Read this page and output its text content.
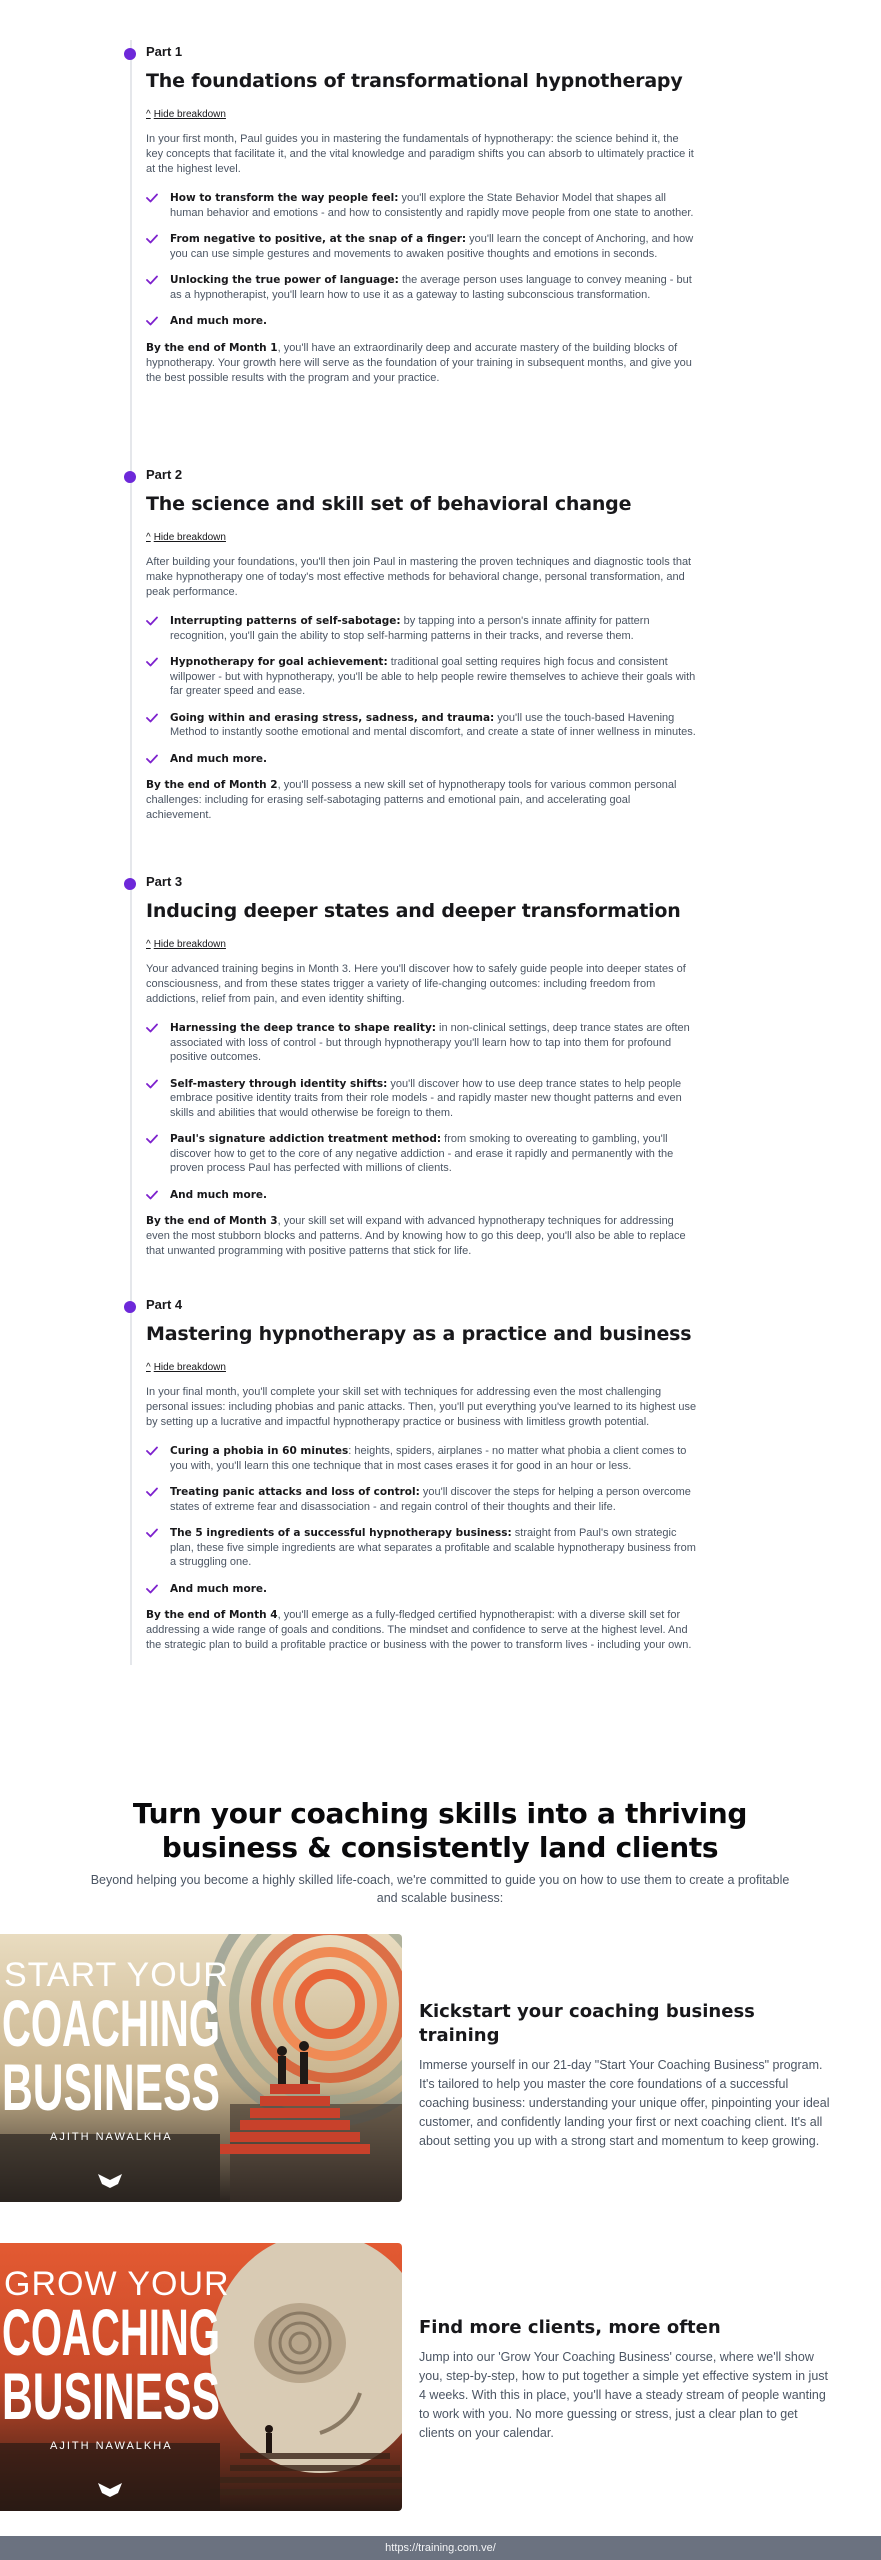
Part 1

The foundations of transformational hypnotherapy
^ Hide breakdown

In your first month, Paul guides you in mastering the fundamentals of hypnotherapy: the science behind it, the key concepts that facilitate it, and the vital knowledge and paradigm shifts you can absorb to ultimately practice it at the highest level.

How to transform the way people feel: you'll explore the State Behavior Model that shapes all human behavior and emotions - and how to consistently and rapidly move people from one state to another.
From negative to positive, at the snap of a finger: you'll learn the concept of Anchoring, and how you can use simple gestures and movements to awaken positive thoughts and emotions in seconds.
Unlocking the true power of language: the average person uses language to convey meaning - but as a hypnotherapist, you'll learn how to use it as a gateway to lasting subconscious transformation.
And much more.

By the end of Month 1, you'll have an extraordinarily deep and accurate mastery of the building blocks of hypnotherapy. Your growth here will serve as the foundation of your training in subsequent months, and give you the best possible results with the program and your practice.

Part 2

The science and skill set of behavioral change
^ Hide breakdown

After building your foundations, you'll then join Paul in mastering the proven techniques and diagnostic tools that make hypnotherapy one of today's most effective methods for behavioral change, personal transformation, and peak performance.

Interrupting patterns of self-sabotage: by tapping into a person's innate affinity for pattern recognition, you'll gain the ability to stop self-harming patterns in their tracks, and reverse them.
Hypnotherapy for goal achievement: traditional goal setting requires high focus and consistent willpower - but with hypnotherapy, you'll be able to help people rewire themselves to achieve their goals with far greater speed and ease.
Going within and erasing stress, sadness, and trauma: you'll use the touch-based Havening Method to instantly soothe emotional and mental discomfort, and create a state of inner wellness in minutes.
And much more.

By the end of Month 2, you'll possess a new skill set of hypnotherapy tools for various common personal challenges: including for erasing self-sabotaging patterns and emotional pain, and accelerating goal achievement.

Part 3

Inducing deeper states and deeper transformation
^ Hide breakdown

Your advanced training begins in Month 3. Here you'll discover how to safely guide people into deeper states of consciousness, and from these states trigger a variety of life-changing outcomes: including freedom from addictions, relief from pain, and even identity shifting.

Harnessing the deep trance to shape reality: in non-clinical settings, deep trance states are often associated with loss of control - but through hypnotherapy you'll learn how to tap into them for profound positive outcomes.
Self-mastery through identity shifts: you'll discover how to use deep trance states to help people embrace positive identity traits from their role models - and rapidly master new thought patterns and even skills and abilities that would otherwise be foreign to them.
Paul's signature addiction treatment method: from smoking to overeating to gambling, you'll discover how to get to the core of any negative addiction - and erase it rapidly and permanently with the proven process Paul has perfected with millions of clients.
And much more.

By the end of Month 3, your skill set will expand with advanced hypnotherapy techniques for addressing even the most stubborn blocks and patterns. And by knowing how to go this deep, you'll also be able to replace that unwanted programming with positive patterns that stick for life.

Part 4

Mastering hypnotherapy as a practice and business
^ Hide breakdown

In your final month, you'll complete your skill set with techniques for addressing even the most challenging personal issues: including phobias and panic attacks. Then, you'll put everything you've learned to its highest use by setting up a lucrative and impactful hypnotherapy practice or business with limitless growth potential.

Curing a phobia in 60 minutes: heights, spiders, airplanes - no matter what phobia a client comes to you with, you'll learn this one technique that in most cases erases it for good in an hour or less.
Treating panic attacks and loss of control: you'll discover the steps for helping a person overcome states of extreme fear and disassociation - and regain control of their thoughts and their life.
The 5 ingredients of a successful hypnotherapy business: straight from Paul's own strategic plan, these five simple ingredients are what separates a profitable and scalable hypnotherapy business from a struggling one.
And much more.

By the end of Month 4, you'll emerge as a fully-fledged certified hypnotherapist: with a diverse skill set for addressing a wide range of goals and conditions. The mindset and confidence to serve at the highest level. And the strategic plan to build a profitable practice or business with the power to transform lives - including your own.

Turn your coaching skills into a thriving
business & consistently land clients

Beyond helping you become a highly skilled life-coach, we're committed to guide you on how to use them to create a profitable and scalable business:

START YOUR
COACHING
BUSINESS
AJITH NAWALKHA
Kickstart your coaching business training

Immerse yourself in our 21-day "Start Your Coaching Business" program. It's tailored to help you master the core foundations of a successful coaching business: understanding your unique offer, pinpointing your ideal customer, and confidently landing your first or next coaching client. It's all about setting you up with a strong start and momentum to keep growing.

GROW YOUR
COACHING
BUSINESS
AJITH NAWALKHA
Find more clients, more often

Jump into our 'Grow Your Coaching Business' course, where we'll show you, step-by-step, how to put together a simple yet effective system in just 4 weeks. With this in place, you'll have a steady stream of people wanting to work with you. No more guessing or stress, just a clear plan to get clients on your calendar.

https://training.com.ve/
